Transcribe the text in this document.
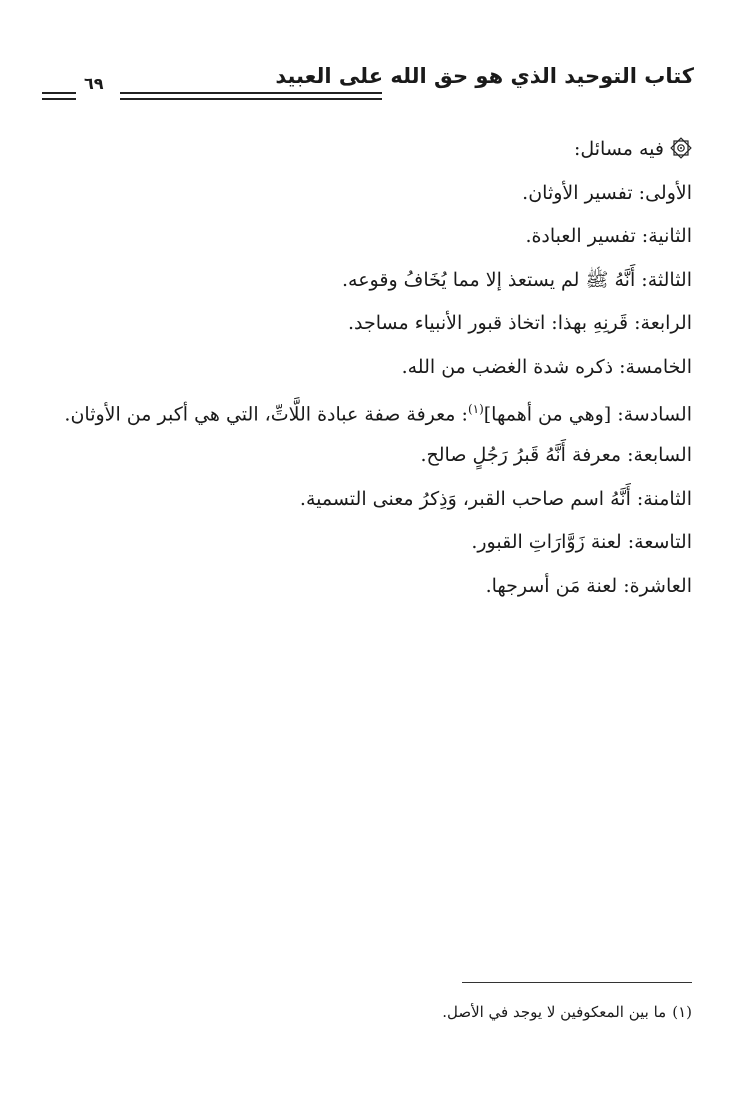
كتاب التوحيد الذي هو حق الله على العبيد
٦٩
فيه مسائل:
الأولى: تفسير الأوثان.
الثانية: تفسير العبادة.
الثالثة: أَنَّهُ ﷺ لم يستعذ إلا مما يُخَافُ وقوعه.
الرابعة: قَرنِهِ بهذا: اتخاذ قبور الأنبياء مساجد.
الخامسة: ذكره شدة الغضب من الله.
السادسة: [وهي من أهمها]$^{(١)}$: معرفة صفة عبادة اللَّاتِّ، التي هي أكبر من الأوثان.
السابعة: معرفة أَنَّهُ قَبرُ رَجُلٍ صالح.
الثامنة: أَنَّهُ اسم صاحب القبر، وَذِكرُ معنى التسمية.
التاسعة: لعنة زَوَّارَاتِ القبور.
العاشرة: لعنة مَن أسرجها.
(١)ما بين المعكوفين لا يوجد في الأصل.
